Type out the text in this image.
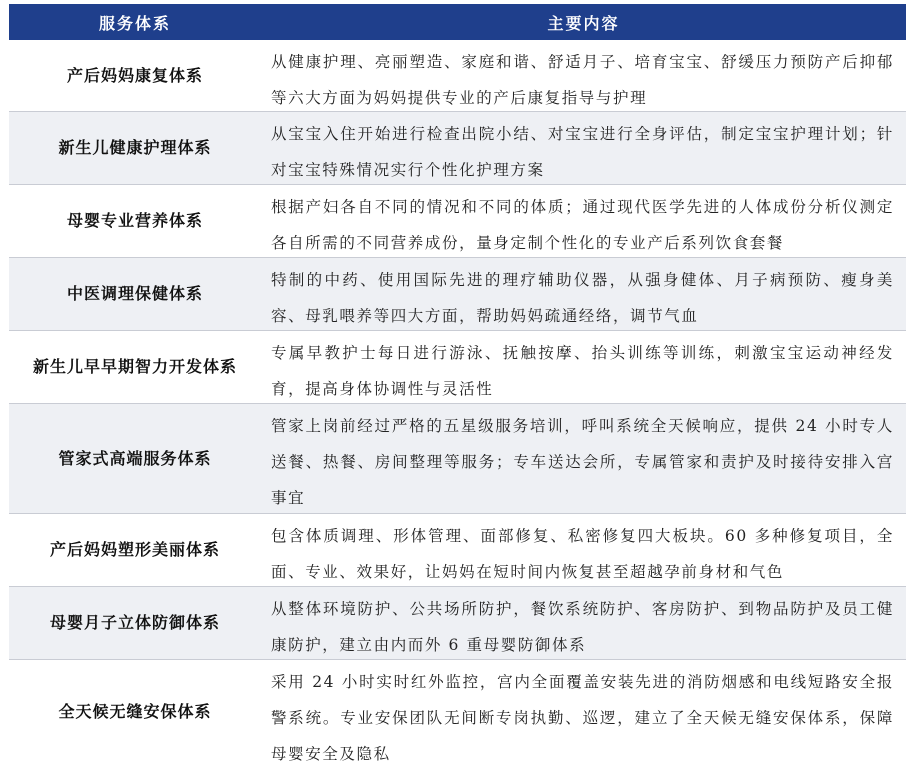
服务体系	主要内容
产后妈妈康复体系
从健康护理、亮丽塑造、家庭和谐、舒适月子、培育宝宝、舒缓压力预防产后抑郁等六大方面为妈妈提供专业的产后康复指导与护理
新生儿健康护理体系
从宝宝入住开始进行检查出院小结、对宝宝进行全身评估，制定宝宝护理计划；针对宝宝特殊情况实行个性化护理方案
母婴专业营养体系
根据产妇各自不同的情况和不同的体质；通过现代医学先进的人体成份分析仪测定各自所需的不同营养成份，量身定制个性化的专业产后系列饮食套餐
中医调理保健体系
特制的中药、使用国际先进的理疗辅助仪器，从强身健体、月子病预防、瘦身美容、母乳喂养等四大方面，帮助妈妈疏通经络，调节气血
新生儿早早期智力开发体系
专属早教护士每日进行游泳、抚触按摩、抬头训练等训练，刺激宝宝运动神经发育，提高身体协调性与灵活性
管家式高端服务体系
管家上岗前经过严格的五星级服务培训，呼叫系统全天候响应，提供 24 小时专人送餐、热餐、房间整理等服务；专车送达会所，专属管家和责护及时接待安排入宫事宜
产后妈妈塑形美丽体系
包含体质调理、形体管理、面部修复、私密修复四大板块。60 多种修复项目，全面、专业、效果好，让妈妈在短时间内恢复甚至超越孕前身材和气色
母婴月子立体防御体系
从整体环境防护、公共场所防护，餐饮系统防护、客房防护、到物品防护及员工健康防护，建立由内而外 6 重母婴防御体系
全天候无缝安保体系
采用 24 小时实时红外监控，宫内全面覆盖安装先进的消防烟感和电线短路安全报警系统。专业安保团队无间断专岗执勤、巡逻，建立了全天候无缝安保体系，保障母婴安全及隐私
